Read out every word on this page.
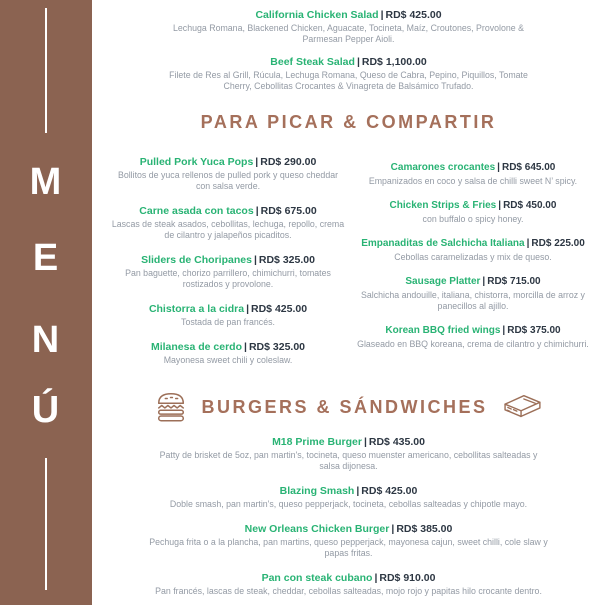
M
E
N
Ú
California Chicken Salad | RD$ 425.00
Lechuga Romana, Blackened Chicken, Aguacate, Tocineta, Maíz, Croutones, Provolone & Parmesan Pepper Aioli.
Beef Steak Salad | RD$ 1,100.00
Filete de Res al Grill, Rúcula, Lechuga Romana, Queso de Cabra, Pepino, Piquillos, Tomate Cherry, Cebollitas Crocantes & Vinagreta de Balsámico Trufado.
PARA PICAR & COMPARTIR
Pulled Pork Yuca Pops | RD$ 290.00
Bollitos de yuca rellenos de pulled pork y queso cheddar con salsa verde.
Carne asada con tacos | RD$ 675.00
Lascas de steak asados, cebollitas, lechuga, repollo, crema de cilantro y jalapeños picaditos.
Sliders de Choripanes | RD$ 325.00
Pan baguette, chorizo parrillero, chimichurri, tomates rostizados y provolone.
Chistorra a la cidra | RD$ 425.00
Tostada de pan francés.
Milanesa de cerdo | RD$ 325.00
Mayonesa sweet chili y coleslaw.
Camarones crocantes | RD$ 645.00
Empanizados en coco y salsa de chilli sweet N’ spicy.
Chicken Strips & Fries | RD$ 450.00
con buffalo o spicy honey.
Empanaditas de Salchicha Italiana | RD$ 225.00
Cebollas caramelizadas y mix de queso.
Sausage Platter | RD$ 715.00
Salchicha andouille, italiana, chistorra, morcilla de arroz y panecillos al ajillo.
Korean BBQ fried wings | RD$ 375.00
Glaseado en BBQ koreana, crema de cilantro y chimichurri.
BURGERS & SÁNDWICHES
M18 Prime Burger | RD$ 435.00
Patty de brisket de 5oz, pan martin's, tocineta, queso muenster americano, cebollitas salteadas y salsa dijonesa.
Blazing Smash | RD$ 425.00
Doble smash, pan martin's, queso pepperjack, tocineta, cebollas salteadas y chipotle mayo.
New Orleans Chicken Burger | RD$ 385.00
Pechuga frita o a la plancha, pan martins, queso pepperjack, mayonesa cajun, sweet chilli, cole slaw y papas fritas.
Pan con steak cubano | RD$ 910.00
Pan francés, lascas de steak, cheddar, cebollas salteadas, mojo rojo y papitas hilo crocante dentro.
